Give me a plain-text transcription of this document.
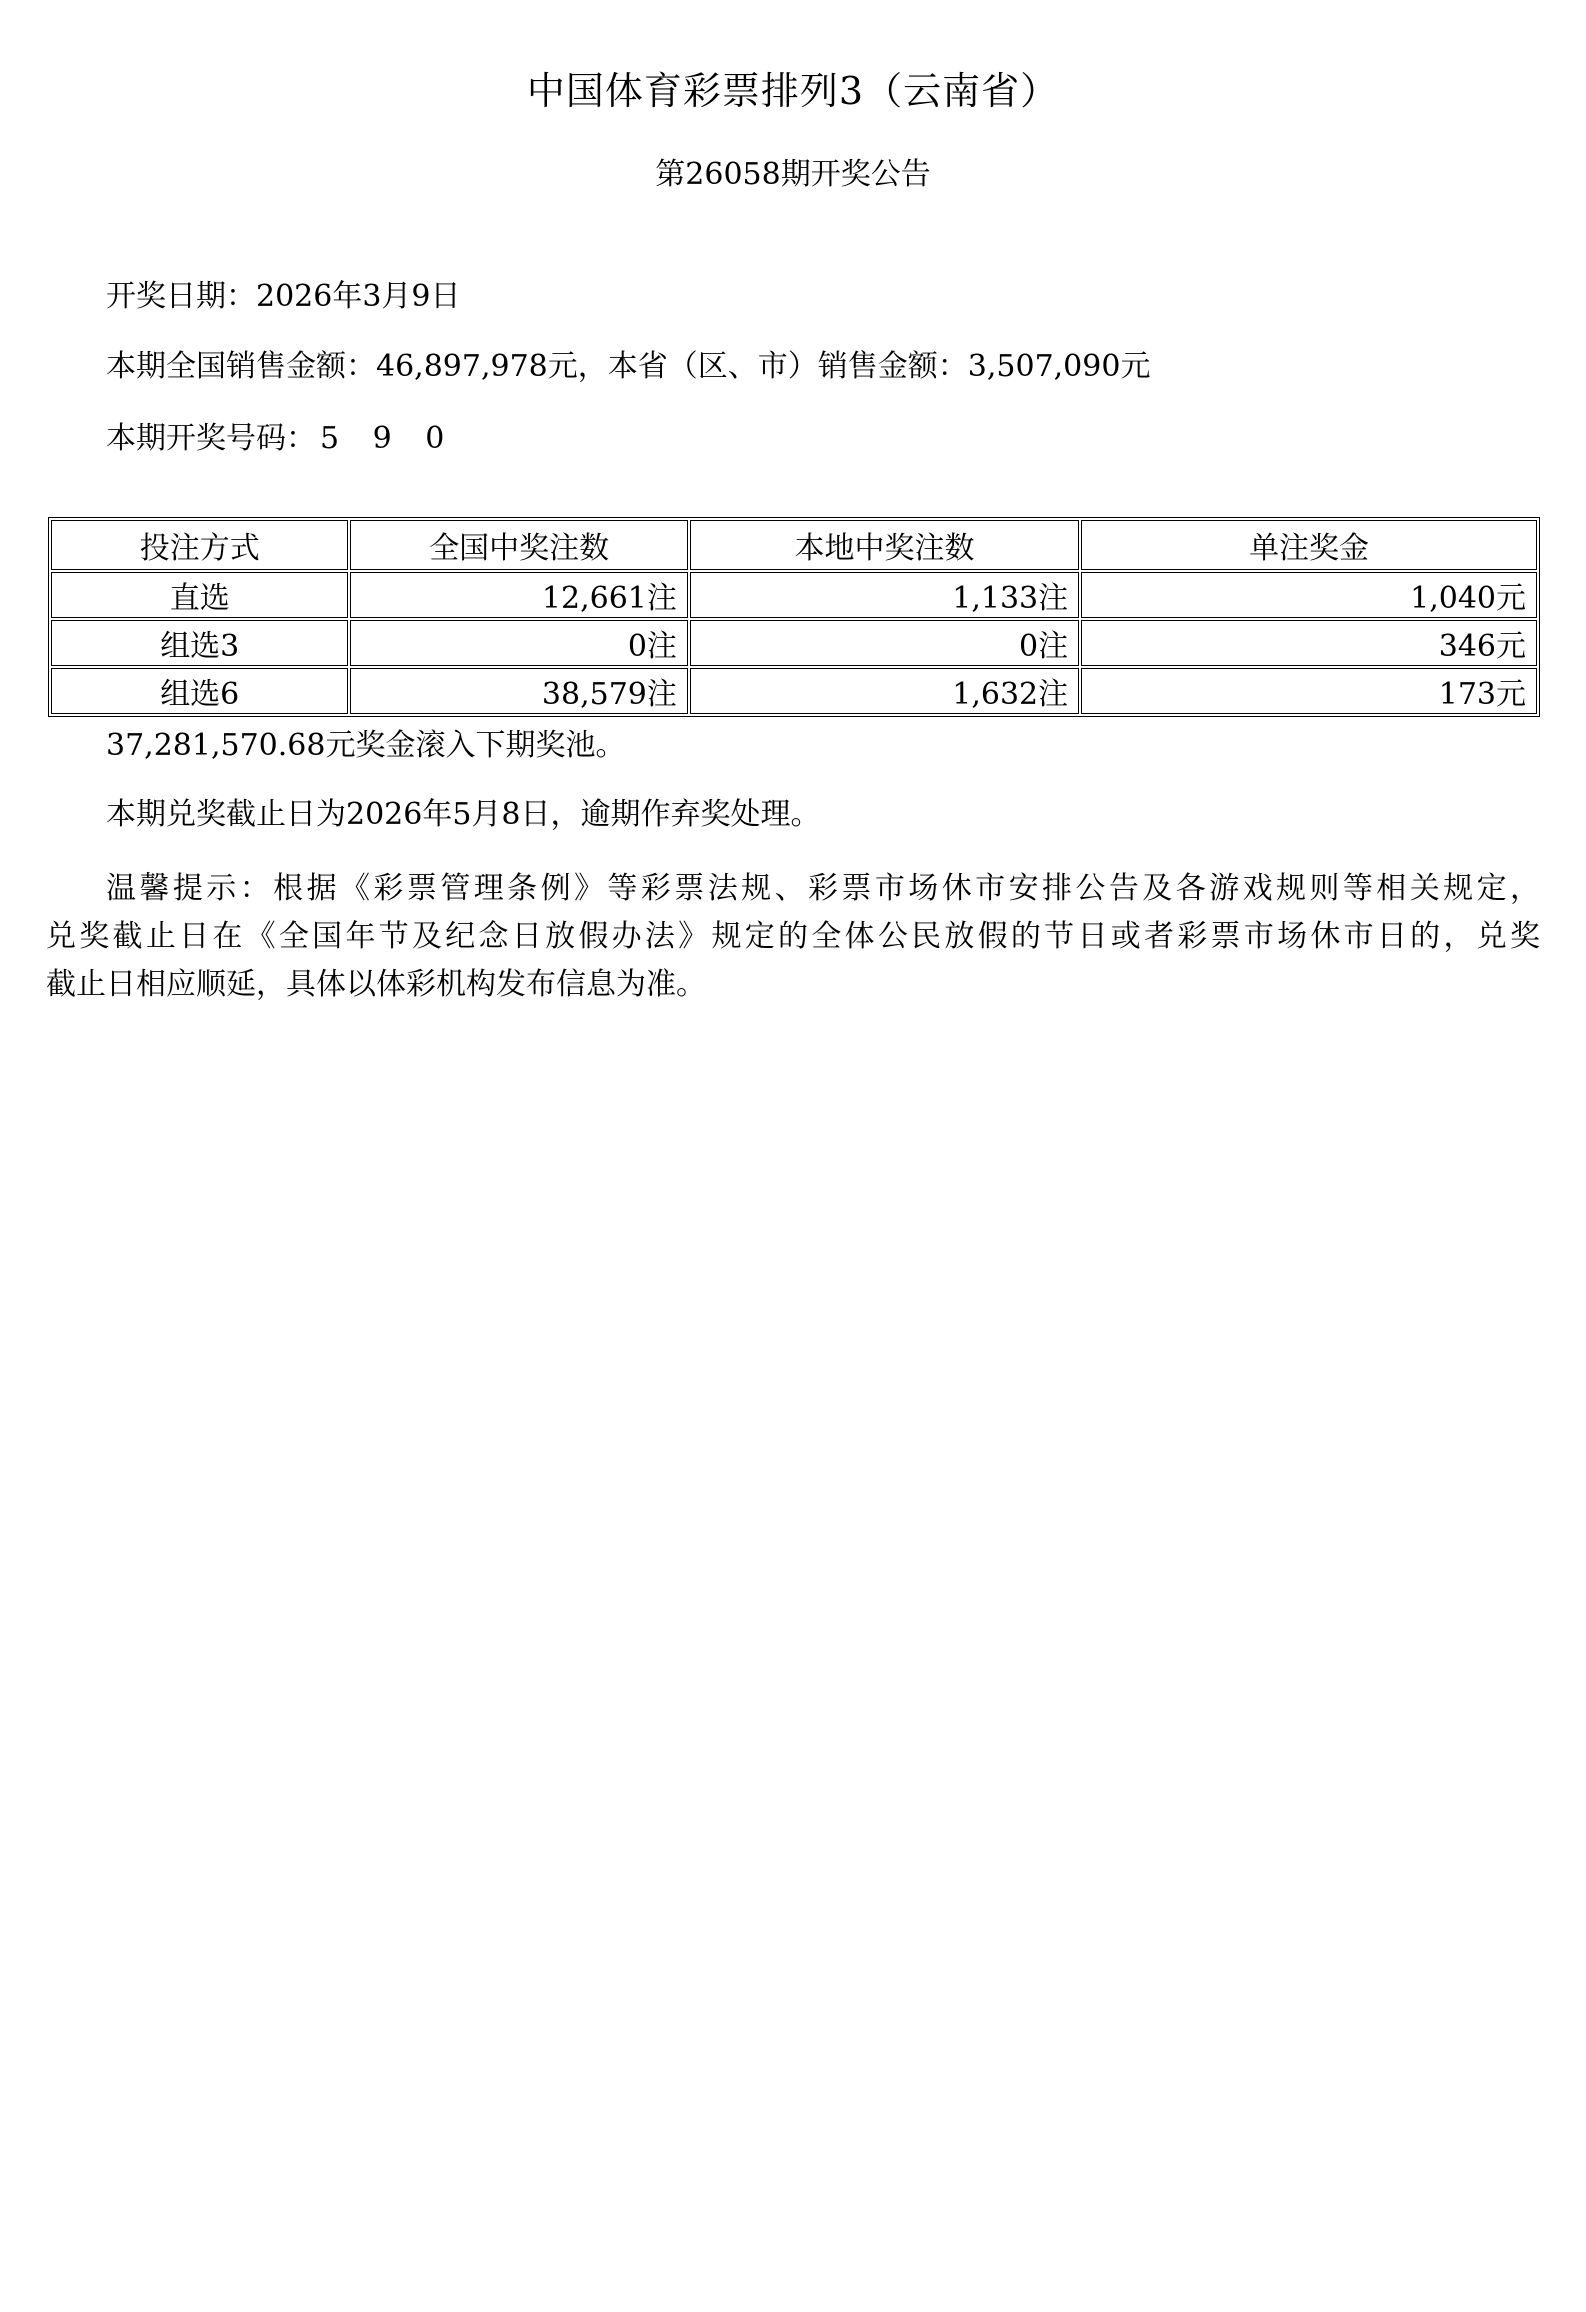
中国体育彩票排列3（云南省）
第26058期开奖公告

开奖日期：2026年3月9日

本期全国销售金额：46,897,978元，本省（区、市）销售金额：3,507,090元

本期开奖号码： 5 9 0

投注方式	全国中奖注数	本地中奖注数	单注奖金
直选	12,661注	1,133注	1,040元
组选3	0注	0注	346元
组选6	38,579注	1,632注	173元

37,281,570.68元奖金滚入下期奖池。

本期兑奖截止日为2026年5月8日，逾期作弃奖处理。

温馨提示：根据《彩票管理条例》等彩票法规、彩票市场休市安排公告及各游戏规则等相关规定，
兑奖截止日在《全国年节及纪念日放假办法》规定的全体公民放假的节日或者彩票市场休市日的，兑奖
截止日相应顺延，具体以体彩机构发布信息为准。
